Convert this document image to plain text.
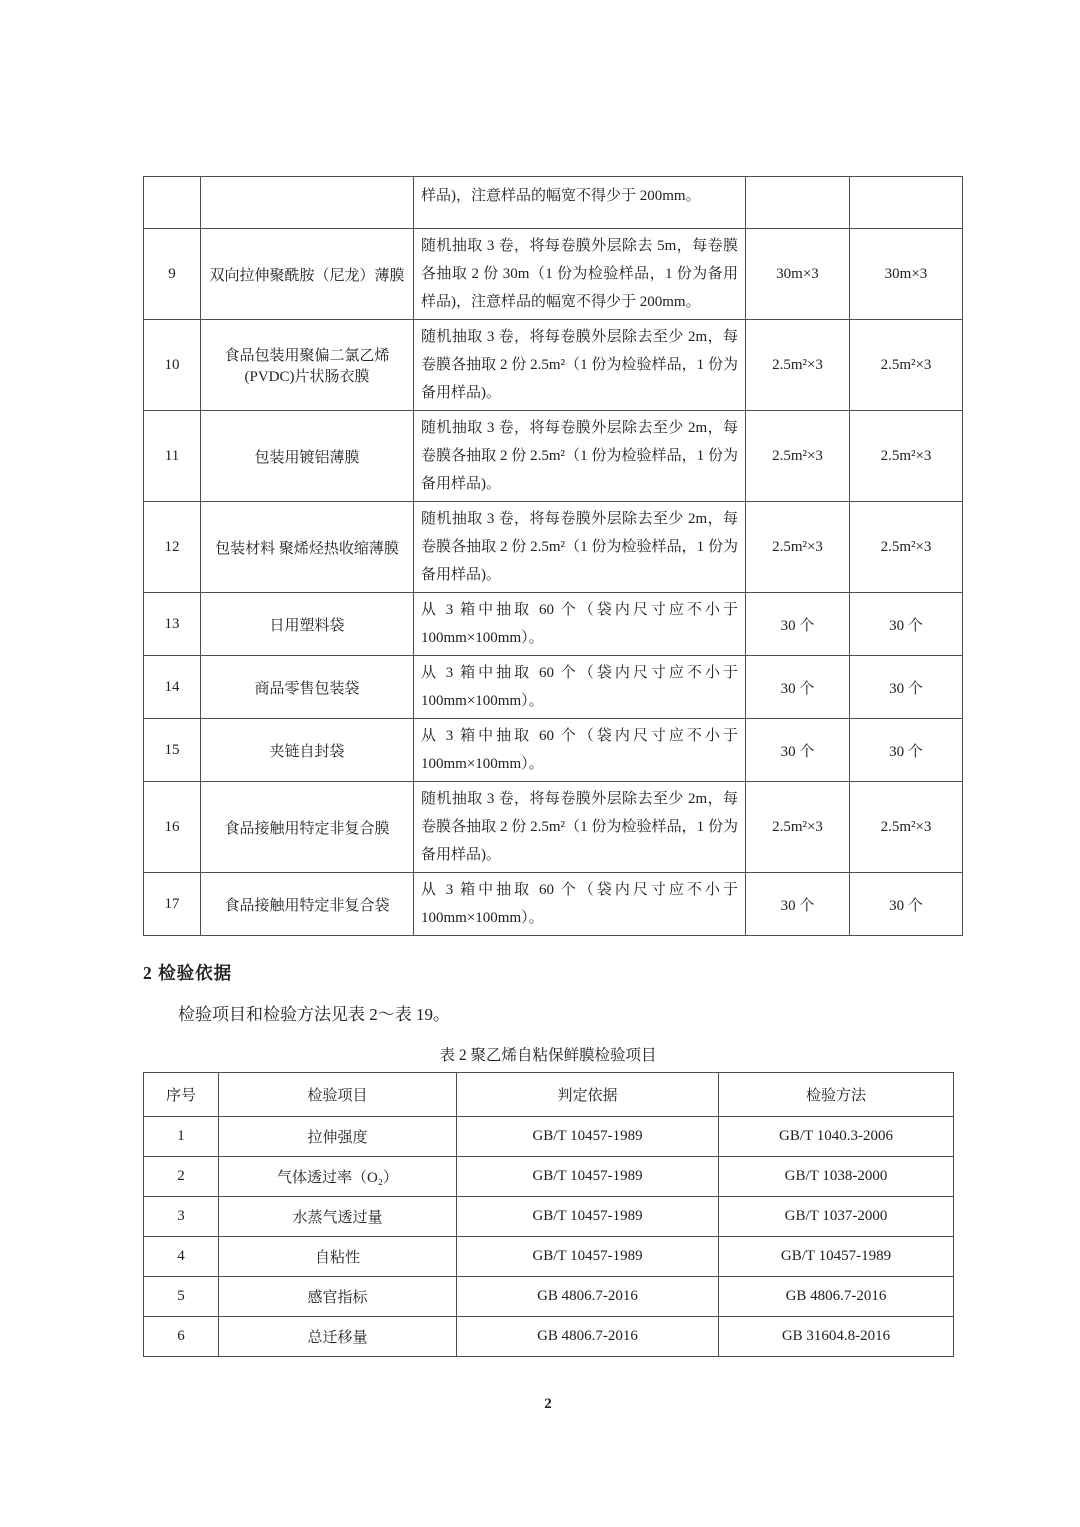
		样品)，注意样品的幅宽不得少于 200mm。		
9	双向拉伸聚酰胺（尼龙）薄膜	随机抽取 3 卷，将每卷膜外层除去 5m，每卷膜各抽取 2 份 30m（1 份为检验样品，1 份为备用样品)，注意样品的幅宽不得少于 200mm。	30m×3	30m×3
10	食品包装用聚偏二氯乙烯(PVDC)片状肠衣膜	随机抽取 3 卷，将每卷膜外层除去至少 2m，每卷膜各抽取 2 份 2.5m²（1 份为检验样品，1 份为备用样品)。	2.5m²×3	2.5m²×3
11	包装用镀铝薄膜	随机抽取 3 卷，将每卷膜外层除去至少 2m，每卷膜各抽取 2 份 2.5m²（1 份为检验样品，1 份为备用样品)。	2.5m²×3	2.5m²×3
12	包装材料 聚烯烃热收缩薄膜	随机抽取 3 卷，将每卷膜外层除去至少 2m，每卷膜各抽取 2 份 2.5m²（1 份为检验样品，1 份为备用样品)。	2.5m²×3	2.5m²×3
13	日用塑料袋	从 3 箱中抽取 60 个（袋内尺寸应不小于 100mm×100mm）。	30 个	30 个
14	商品零售包装袋	从 3 箱中抽取 60 个（袋内尺寸应不小于 100mm×100mm）。	30 个	30 个
15	夹链自封袋	从 3 箱中抽取 60 个（袋内尺寸应不小于 100mm×100mm）。	30 个	30 个
16	食品接触用特定非复合膜	随机抽取 3 卷，将每卷膜外层除去至少 2m，每卷膜各抽取 2 份 2.5m²（1 份为检验样品，1 份为备用样品)。	2.5m²×3	2.5m²×3
17	食品接触用特定非复合袋	从 3 箱中抽取 60 个（袋内尺寸应不小于 100mm×100mm）。	30 个	30 个
2 检验依据
检验项目和检验方法见表 2～表 19。
表 2 聚乙烯自粘保鲜膜检验项目
序号	检验项目	判定依据	检验方法
1	拉伸强度	GB/T 10457-1989	GB/T 1040.3-2006
2	气体透过率（O₂）	GB/T 10457-1989	GB/T 1038-2000
3	水蒸气透过量	GB/T 10457-1989	GB/T 1037-2000
4	自粘性	GB/T 10457-1989	GB/T 10457-1989
5	感官指标	GB 4806.7-2016	GB 4806.7-2016
6	总迁移量	GB 4806.7-2016	GB 31604.8-2016
2
